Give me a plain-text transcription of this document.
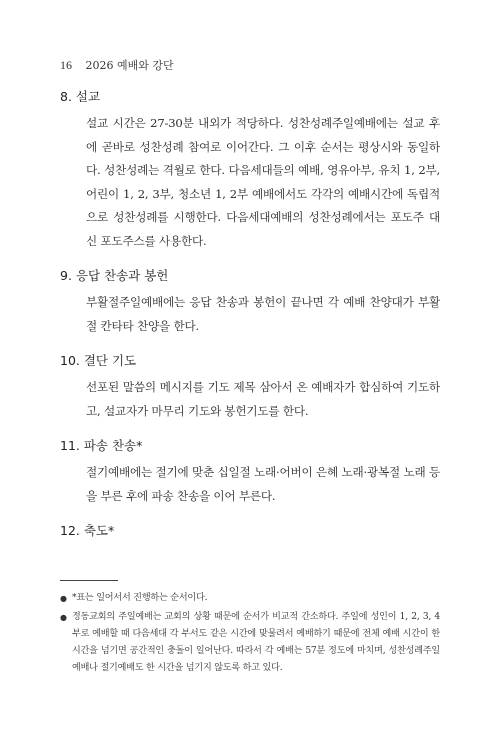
16 2026 예배와 강단
8. 설교

설교 시간은 27-30분 내외가 적당하다. 성찬성례주일예배에는 설교 후에 곧바로 성찬성례 참여로 이어간다. 그 이후 순서는 평상시와 동일하다. 성찬성례는 격월로 한다. 다음세대들의 예배, 영유아부, 유치 1, 2부, 어린이 1, 2, 3부, 청소년 1, 2부 예배에서도 각각의 예배시간에 독립적으로 성찬성례를 시행한다. 다음세대예배의 성찬성례에서는 포도주 대신 포도주스를 사용한다.

9. 응답 찬송과 봉헌

부활절주일예배에는 응답 찬송과 봉헌이 끝나면 각 예배 찬양대가 부활절 칸타타 찬양을 한다.

10. 결단 기도

선포된 말씀의 메시지를 기도 제목 삼아서 온 예배자가 합심하여 기도하고, 설교자가 마무리 기도와 봉헌기도를 한다.

11. 파송 찬송*

절기예배에는 절기에 맞춘 십일절 노래·어버이 은혜 노래·광복절 노래 등을 부른 후에 파송 찬송을 이어 부른다.

12. 축도*
● *표는 일어서서 진행하는 순서이다.
● 정동교회의 주일예배는 교회의 상황 때문에 순서가 비교적 간소하다. 주일에 성인이 1, 2, 3, 4부로 예배할 때 다음세대 각 부서도 같은 시간에 맞물려서 예배하기 때문에 전체 예배 시간이 한 시간을 넘기면 공간적인 충돌이 일어난다. 따라서 각 예배는 57분 정도에 마치며, 성찬성례주일예배나 절기예배도 한 시간을 넘기지 않도록 하고 있다.
